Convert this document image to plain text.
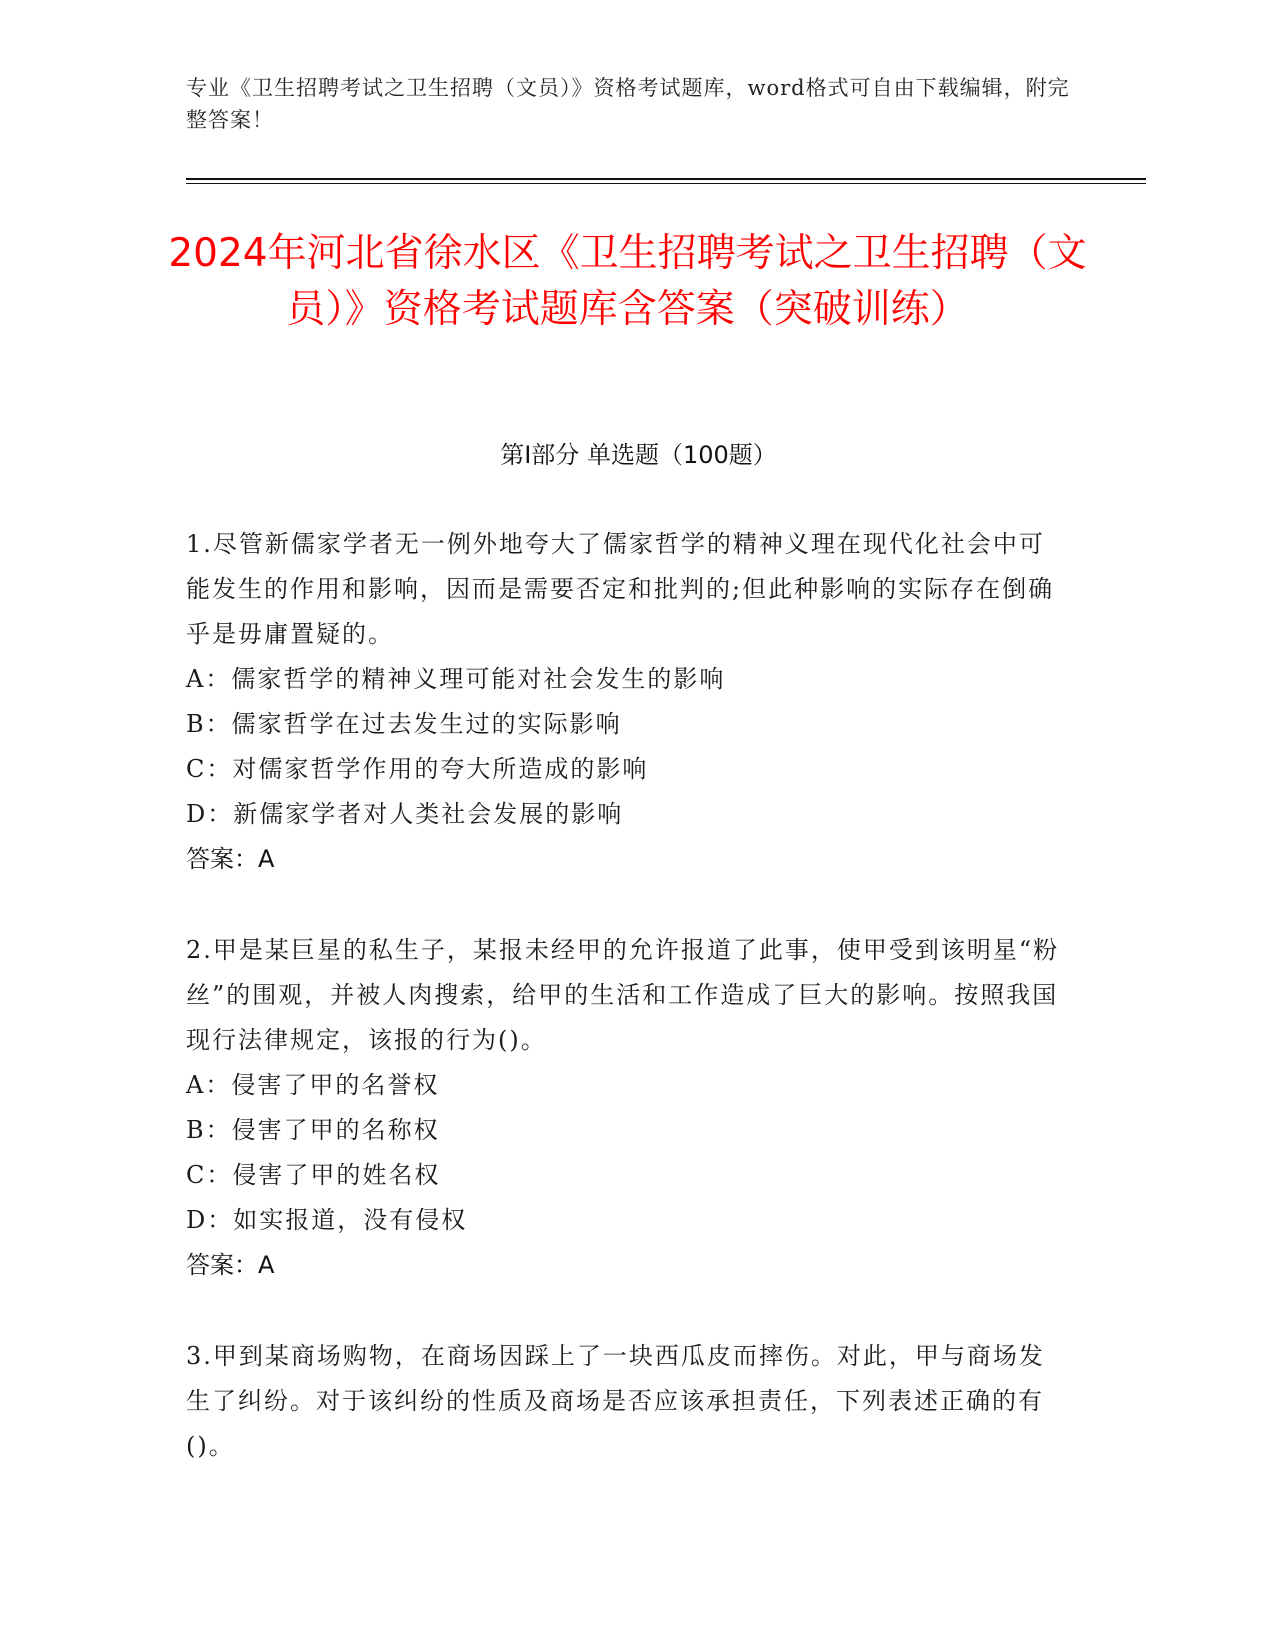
专业《卫生招聘考试之卫生招聘（文员）》资格考试题库，word格式可自由下载编辑，附完整答案！
2024年河北省徐水区《卫生招聘考试之卫生招聘（文员）》资格考试题库含答案（突破训练）
第Ⅰ部分 单选题（100题）
1.尽管新儒家学者无一例外地夸大了儒家哲学的精神义理在现代化社会中可能发生的作用和影响，因而是需要否定和批判的;但此种影响的实际存在倒确乎是毋庸置疑的。
A：儒家哲学的精神义理可能对社会发生的影响
B：儒家哲学在过去发生过的实际影响
C：对儒家哲学作用的夸大所造成的影响
D：新儒家学者对人类社会发展的影响
答案：A
2.甲是某巨星的私生子，某报未经甲的允许报道了此事，使甲受到该明星“粉丝”的围观，并被人肉搜索，给甲的生活和工作造成了巨大的影响。按照我国现行法律规定，该报的行为()。
A：侵害了甲的名誉权
B：侵害了甲的名称权
C：侵害了甲的姓名权
D：如实报道，没有侵权
答案：A
3.甲到某商场购物，在商场因踩上了一块西瓜皮而摔伤。对此，甲与商场发生了纠纷。对于该纠纷的性质及商场是否应该承担责任，下列表述正确的有()。
